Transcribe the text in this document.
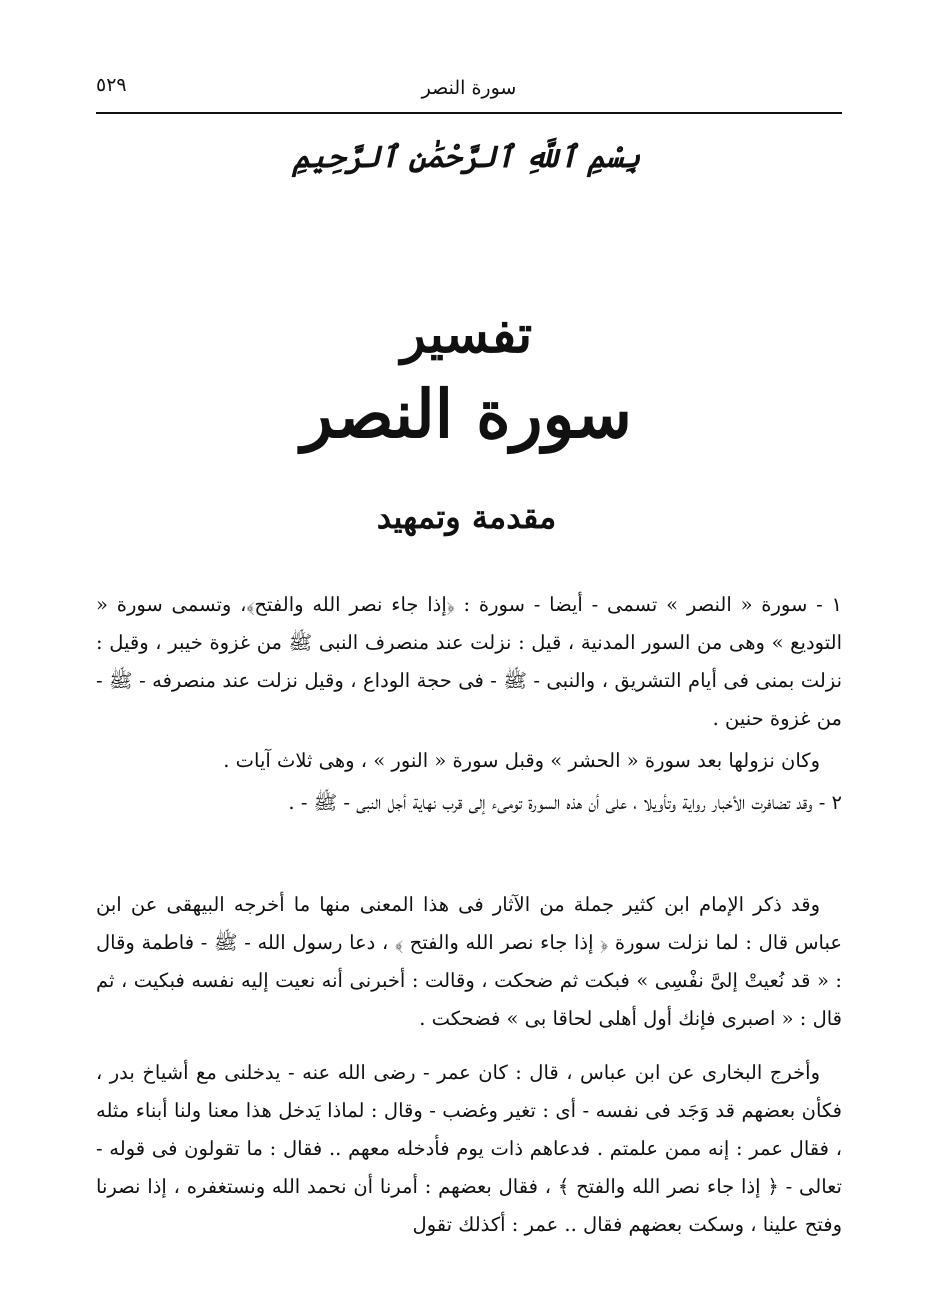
سورة النصر
٥٢٩
بِسْمِ ٱللَّهِ ٱلرَّحْمَٰنِ ٱلرَّحِيمِ
تفسير
سورة النصر
مقدمة وتمهيد

١ - سورة « النصر » تسمى - أيضا - سورة : ﴿إذا جاء نصر الله والفتح﴾، وتسمى سورة « التوديع » وهى من السور المدنية ، قيل : نزلت عند منصرف النبى ﷺ من غزوة خيبر ، وقيل : نزلت بمنى فى أيام التشريق ، والنبى - ﷺ - فى حجة الوداع ، وقيل نزلت عند منصرفه - ﷺ - من غزوة حنين .

وكان نزولها بعد سورة « الحشر » وقبل سورة « النور » ، وهى ثلاث آيات .

٢ - وقد تضافرت الأخبار رواية وتأويلا ، على أن هذه السورة تومىء إلى قرب نهاية أجل النبى - ﷺ - .

وقد ذكر الإمام ابن كثير جملة من الآثار فى هذا المعنى منها ما أخرجه البيهقى عن ابن عباس قال : لما نزلت سورة ﴿ إذا جاء نصر الله والفتح ﴾ ، دعا رسول الله - ﷺ - فاطمة وقال : « قد نُعيتْ إلىَّ نفْسِى » فبكت ثم ضحكت ، وقالت : أخبرنى أنه نعيت إليه نفسه فبكيت ، ثم قال : « اصبرى فإنك أول أهلى لحاقا بى » فضحكت .

وأخرج البخارى عن ابن عباس ، قال : كان عمر - رضى الله عنه - يدخلنى مع أشياخ بدر ، فكأن بعضهم قد وَجَد فى نفسه - أى : تغير وغضب - وقال : لماذا يَدخل هذا معنا ولنا أبناء مثله ، فقال عمر : إنه ممن علمتم . فدعاهم ذات يوم فأدخله معهم .. فقال : ما تقولون فى قوله - تعالى - ﴿ إذا جاء نصر الله والفتح ﴾ ، فقال بعضهم : أمرنا أن نحمد الله ونستغفره ، إذا نصرنا وفتح علينا ، وسكت بعضهم فقال .. عمر : أكذلك تقول
